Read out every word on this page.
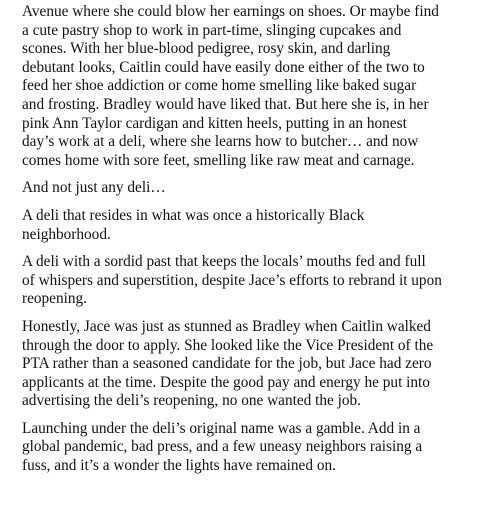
Avenue where she could blow her earnings on shoes. Or maybe find a cute pastry shop to work in part-time, slinging cupcakes and scones. With her blue-blood pedigree, rosy skin, and darling debutant looks, Caitlin could have easily done either of the two to feed her shoe addiction or come home smelling like baked sugar and frosting. Bradley would have liked that. But here she is, in her pink Ann Taylor cardigan and kitten heels, putting in an honest day’s work at a deli, where she learns how to butcher… and now comes home with sore feet, smelling like raw meat and carnage.

And not just any deli…

A deli that resides in what was once a historically Black neighborhood.

A deli with a sordid past that keeps the locals’ mouths fed and full of whispers and superstition, despite Jace’s efforts to rebrand it upon reopening.

Honestly, Jace was just as stunned as Bradley when Caitlin walked through the door to apply. She looked like the Vice President of the PTA rather than a seasoned candidate for the job, but Jace had zero applicants at the time. Despite the good pay and energy he put into advertising the deli’s reopening, no one wanted the job.

Launching under the deli’s original name was a gamble. Add in a global pandemic, bad press, and a few uneasy neighbors raising a fuss, and it’s a wonder the lights have remained on.
